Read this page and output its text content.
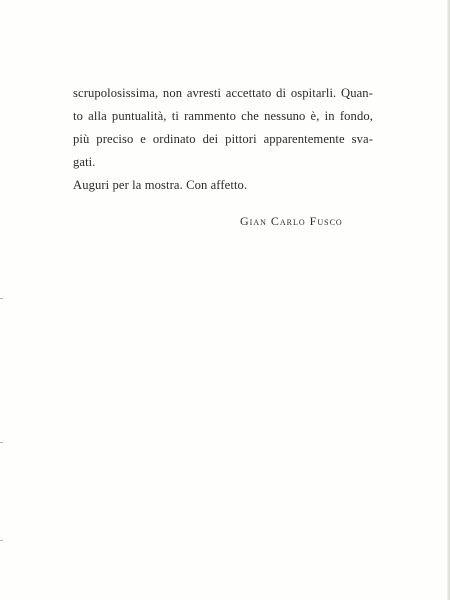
scrupolosissima, non avresti accettato di ospitarli. Quan-
to alla puntualità, ti rammento che nessuno è, in fondo,
più preciso e ordinato dei pittori apparentemente sva-
gati.
Auguri per la mostra. Con affetto.
Gian Carlo Fusco
